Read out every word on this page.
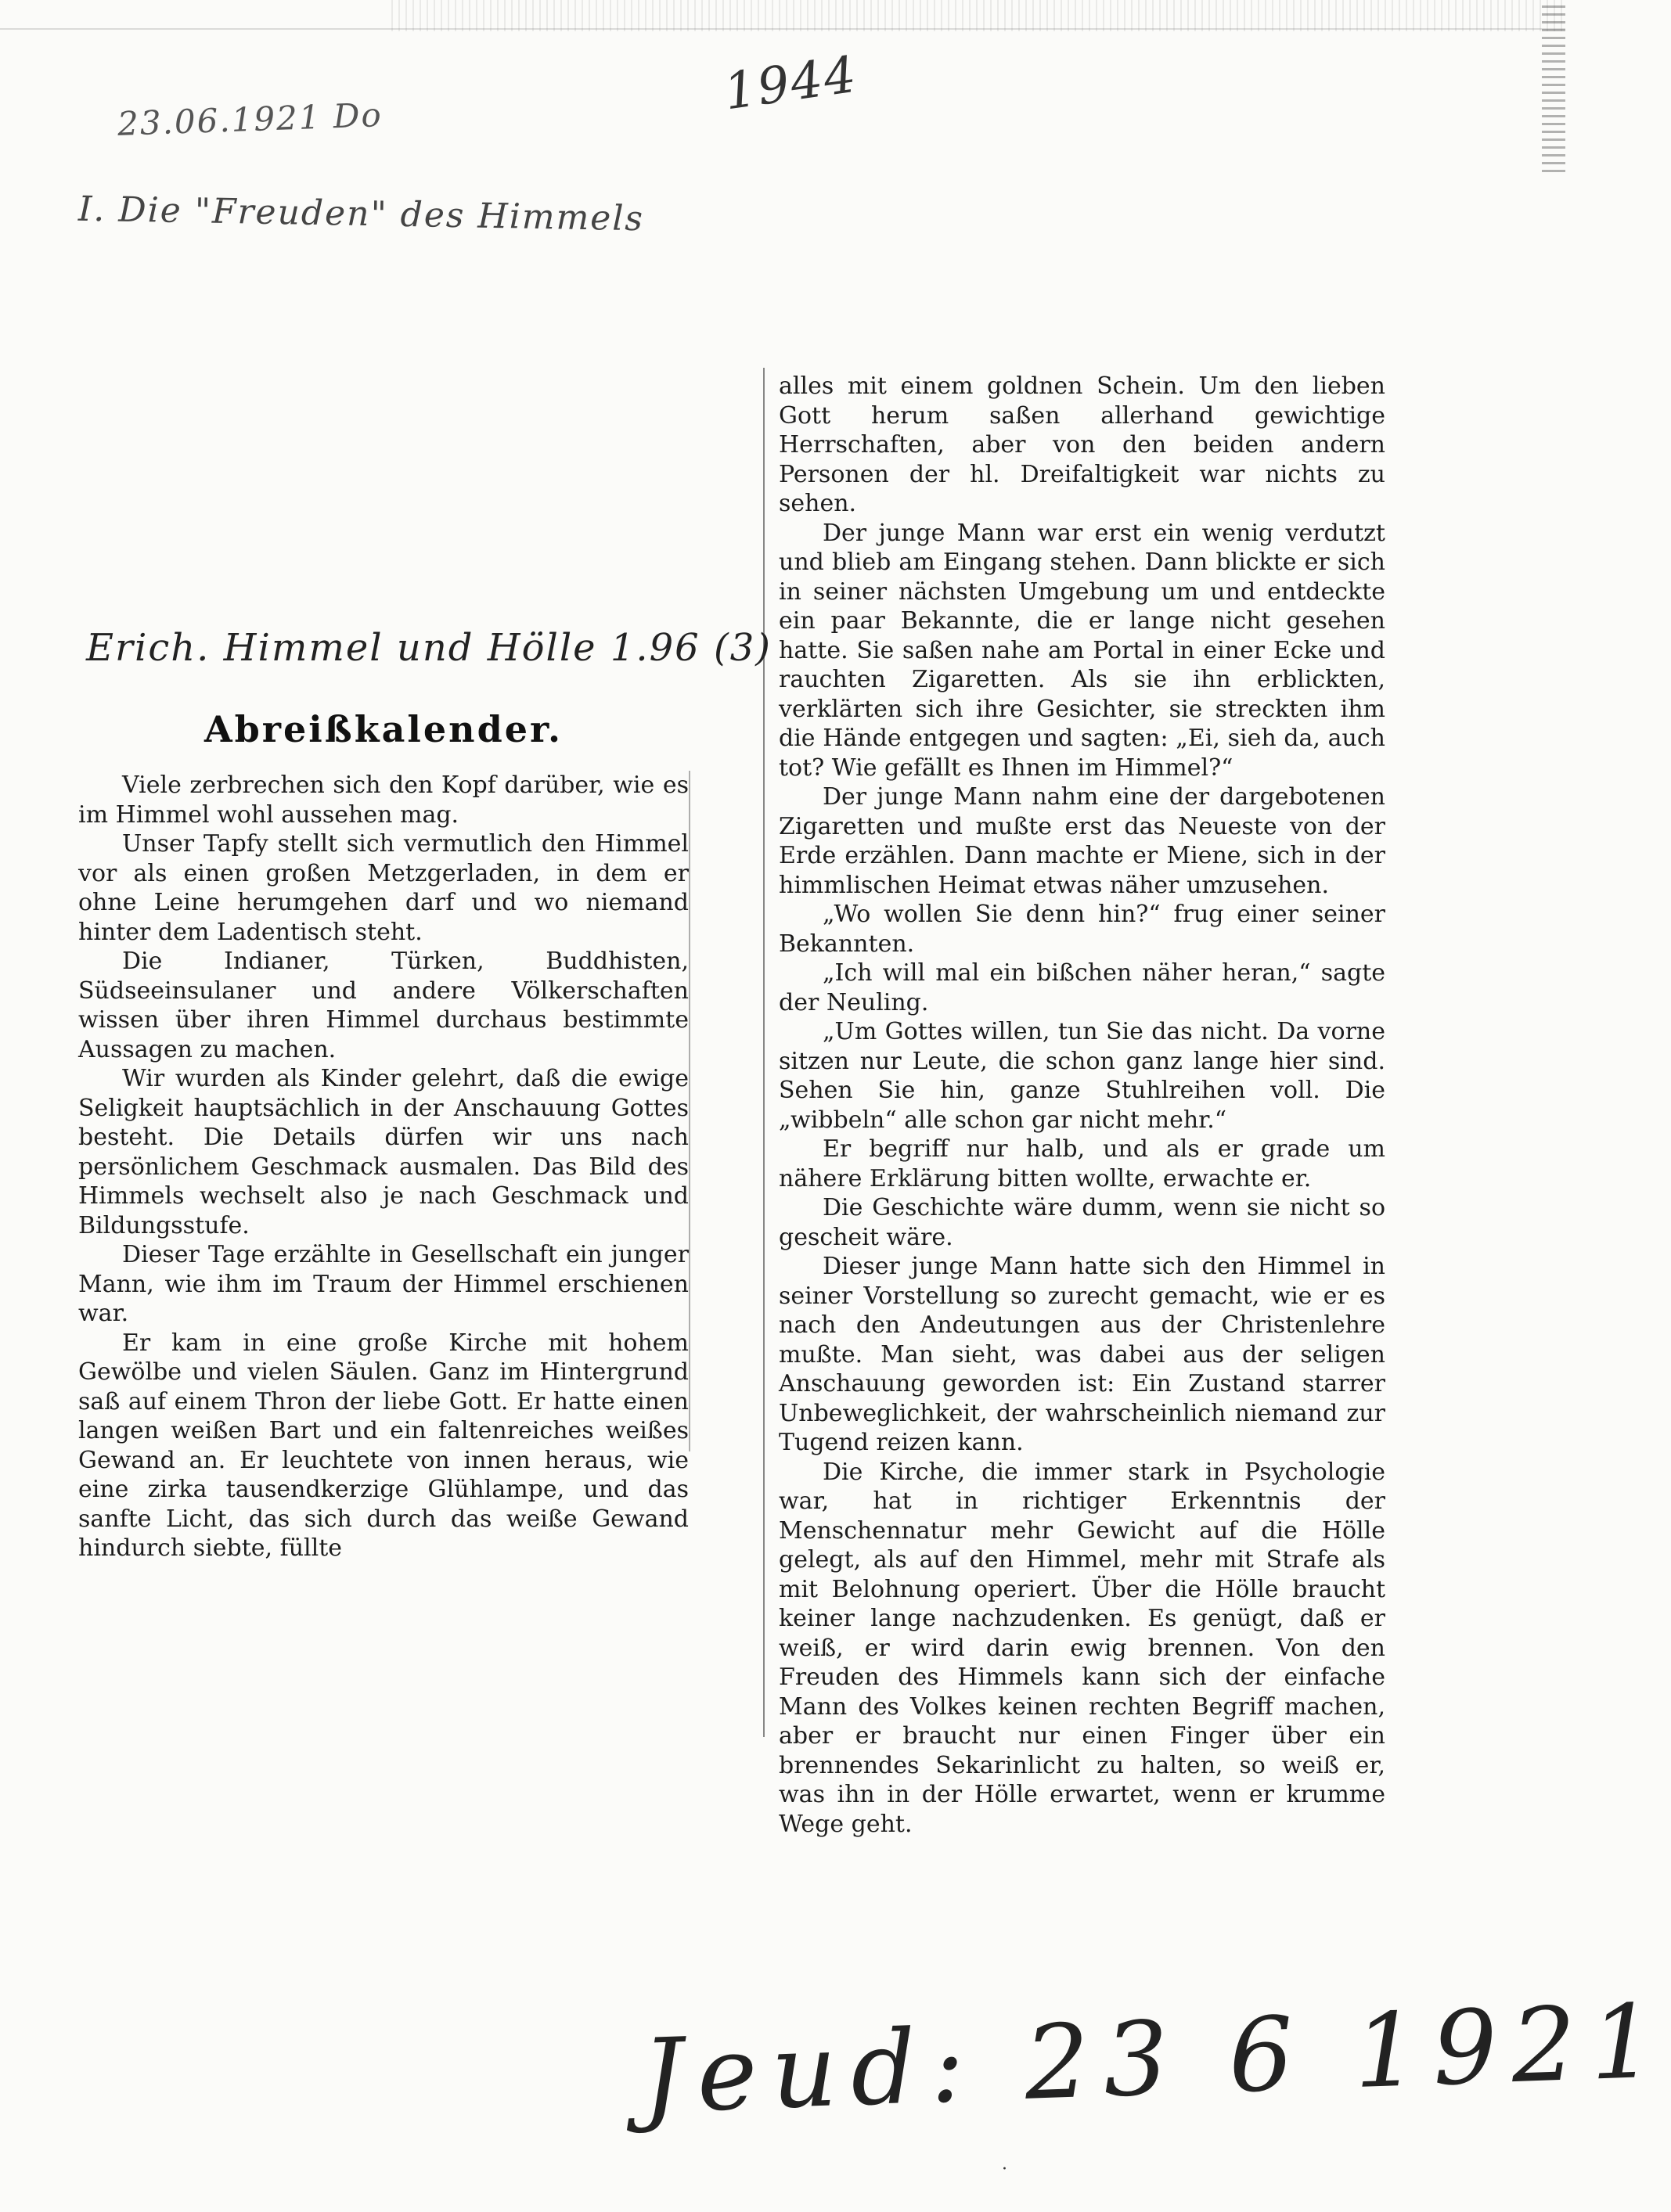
23.06.1921 Do	1944
I. Die "Freuden" des Himmels
Erich. Himmel und Hölle 1.96 (3)
Abreißkalender.

Viele zerbrechen sich den Kopf darüber, wie es im Himmel wohl aussehen mag.

Unser Tapfy stellt sich vermutlich den Himmel vor als einen großen Metzgerladen, in dem er ohne Leine herumgehen darf und wo niemand hinter dem Ladentisch steht.

Die Indianer, Türken, Buddhisten, Südseeinsulaner und andere Völkerschaften wissen über ihren Himmel durchaus bestimmte Aussagen zu machen.

Wir wurden als Kinder gelehrt, daß die ewige Seligkeit hauptsächlich in der Anschauung Gottes besteht. Die Details dürfen wir uns nach persönlichem Geschmack ausmalen. Das Bild des Himmels wechselt also je nach Geschmack und Bildungsstufe.

Dieser Tage erzählte in Gesellschaft ein junger Mann, wie ihm im Traum der Himmel erschienen war.

Er kam in eine große Kirche mit hohem Gewölbe und vielen Säulen. Ganz im Hintergrund saß auf einem Thron der liebe Gott. Er hatte einen langen weißen Bart und ein faltenreiches weißes Gewand an. Er leuchtete von innen heraus, wie eine zirka tausendkerzige Glühlampe, und das sanfte Licht, das sich durch das weiße Gewand hindurch siebte, füllte

alles mit einem goldnen Schein. Um den lieben Gott herum saßen allerhand gewichtige Herrschaften, aber von den beiden andern Personen der hl. Dreifaltigkeit war nichts zu sehen.

Der junge Mann war erst ein wenig verdutzt und blieb am Eingang stehen. Dann blickte er sich in seiner nächsten Umgebung um und entdeckte ein paar Bekannte, die er lange nicht gesehen hatte. Sie saßen nahe am Portal in einer Ecke und rauchten Zigaretten. Als sie ihn erblickten, verklärten sich ihre Gesichter, sie streckten ihm die Hände entgegen und sagten: „Ei, sieh da, auch tot? Wie gefällt es Ihnen im Himmel?“

Der junge Mann nahm eine der dargebotenen Zigaretten und mußte erst das Neueste von der Erde erzählen. Dann machte er Miene, sich in der himmlischen Heimat etwas näher umzusehen.

„Wo wollen Sie denn hin?“ frug einer seiner Bekannten.

„Ich will mal ein bißchen näher heran,“ sagte der Neuling.

„Um Gottes willen, tun Sie das nicht. Da vorne sitzen nur Leute, die schon ganz lange hier sind. Sehen Sie hin, ganze Stuhlreihen voll. Die „wibbeln“ alle schon gar nicht mehr.“

Er begriff nur halb, und als er grade um nähere Erklärung bitten wollte, erwachte er.

Die Geschichte wäre dumm, wenn sie nicht so gescheit wäre.

Dieser junge Mann hatte sich den Himmel in seiner Vorstellung so zurecht gemacht, wie er es nach den Andeutungen aus der Christenlehre mußte. Man sieht, was dabei aus der seligen Anschauung geworden ist: Ein Zustand starrer Unbeweglichkeit, der wahrscheinlich niemand zur Tugend reizen kann.

Die Kirche, die immer stark in Psychologie war, hat in richtiger Erkenntnis der Menschennatur mehr Gewicht auf die Hölle gelegt, als auf den Himmel, mehr mit Strafe als mit Belohnung operiert. Über die Hölle braucht keiner lange nachzudenken. Es genügt, daß er weiß, er wird darin ewig brennen. Von den Freuden des Himmels kann sich der einfache Mann des Volkes keinen rechten Begriff machen, aber er braucht nur einen Finger über ein brennendes Sekarinlicht zu halten, so weiß er, was ihn in der Hölle erwartet, wenn er krumme Wege geht.

Jeud: 23 6 1921
·
